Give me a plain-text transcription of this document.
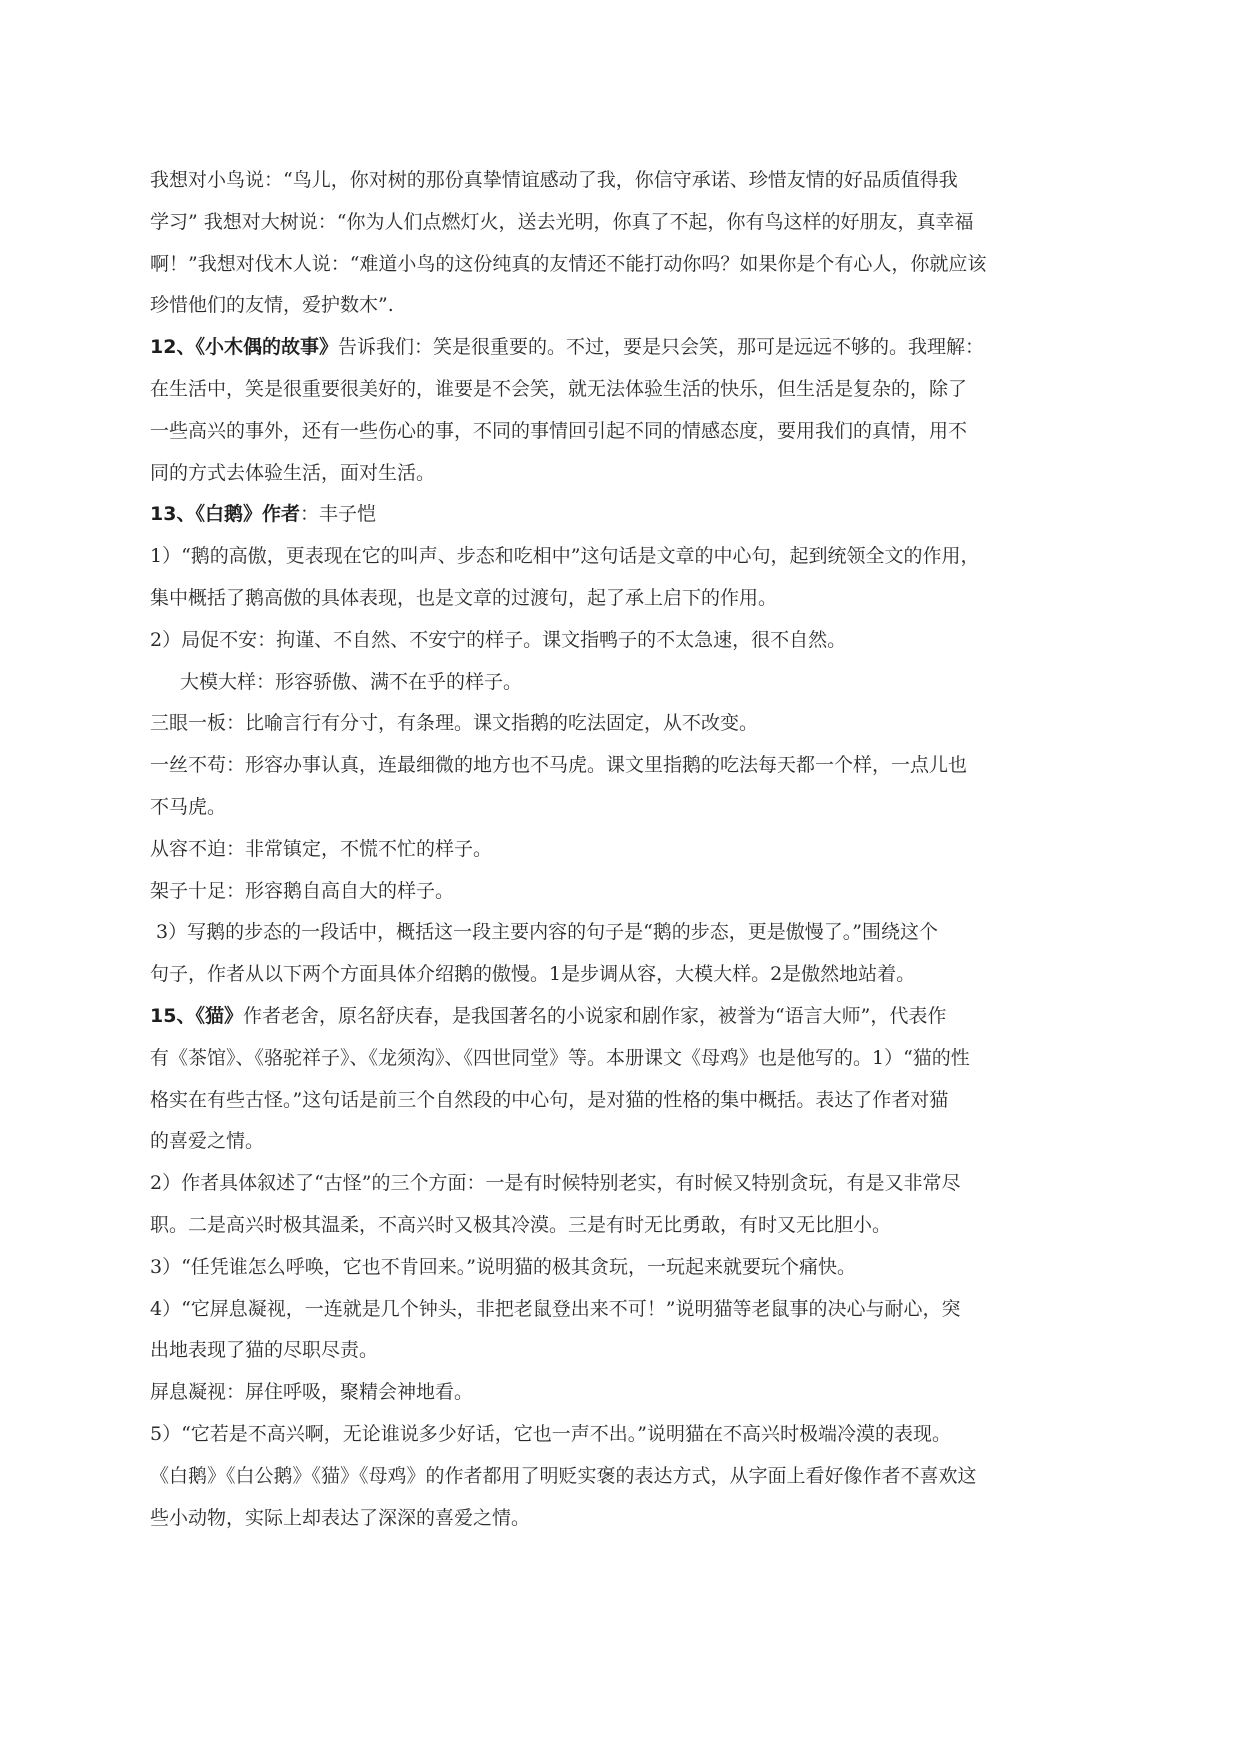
我想对小鸟说：“鸟儿，你对树的那份真挚情谊感动了我，你信守承诺、珍惜友情的好品质值得我
学习” 我想对大树说：“你为人们点燃灯火，送去光明，你真了不起，你有鸟这样的好朋友，真幸福
啊！”我想对伐木人说：“难道小鸟的这份纯真的友情还不能打动你吗？如果你是个有心人，你就应该
珍惜他们的友情，爱护数木”.
12、《小木偶的故事》告诉我们：笑是很重要的。不过，要是只会笑，那可是远远不够的。我理解：
在生活中，笑是很重要很美好的，谁要是不会笑，就无法体验生活的快乐，但生活是复杂的，除了
一些高兴的事外，还有一些伤心的事，不同的事情回引起不同的情感态度，要用我们的真情，用不
同的方式去体验生活，面对生活。
13、《白鹅》作者：丰子恺
1）“鹅的高傲，更表现在它的叫声、步态和吃相中”这句话是文章的中心句，起到统领全文的作用，
集中概括了鹅高傲的具体表现，也是文章的过渡句，起了承上启下的作用。
2）局促不安：拘谨、不自然、不安宁的样子。课文指鸭子的不太急速，很不自然。
大模大样：形容骄傲、满不在乎的样子。
三眼一板：比喻言行有分寸，有条理。课文指鹅的吃法固定，从不改变。
一丝不苟：形容办事认真，连最细微的地方也不马虎。课文里指鹅的吃法每天都一个样，一点儿也
不马虎。
从容不迫：非常镇定，不慌不忙的样子。
架子十足：形容鹅自高自大的样子。
3）写鹅的步态的一段话中，概括这一段主要内容的句子是“鹅的步态，更是傲慢了。”围绕这个
句子，作者从以下两个方面具体介绍鹅的傲慢。1是步调从容，大模大样。2是傲然地站着。
15、《猫》作者老舍，原名舒庆春，是我国著名的小说家和剧作家，被誉为“语言大师”，代表作
有《茶馆》、《骆驼祥子》、《龙须沟》、《四世同堂》等。本册课文《母鸡》也是他写的。1）“猫的性
格实在有些古怪。”这句话是前三个自然段的中心句，是对猫的性格的集中概括。表达了作者对猫
的喜爱之情。
2）作者具体叙述了“古怪”的三个方面：一是有时候特别老实，有时候又特别贪玩，有是又非常尽
职。二是高兴时极其温柔，不高兴时又极其冷漠。三是有时无比勇敢，有时又无比胆小。
3）“任凭谁怎么呼唤，它也不肯回来。”说明猫的极其贪玩，一玩起来就要玩个痛快。
4）“它屏息凝视，一连就是几个钟头，非把老鼠登出来不可！”说明猫等老鼠事的决心与耐心，突
出地表现了猫的尽职尽责。
屏息凝视：屏住呼吸，聚精会神地看。
5）“它若是不高兴啊，无论谁说多少好话，它也一声不出。”说明猫在不高兴时极端冷漠的表现。
《白鹅》《白公鹅》《猫》《母鸡》的作者都用了明贬实褒的表达方式，从字面上看好像作者不喜欢这
些小动物，实际上却表达了深深的喜爱之情。
